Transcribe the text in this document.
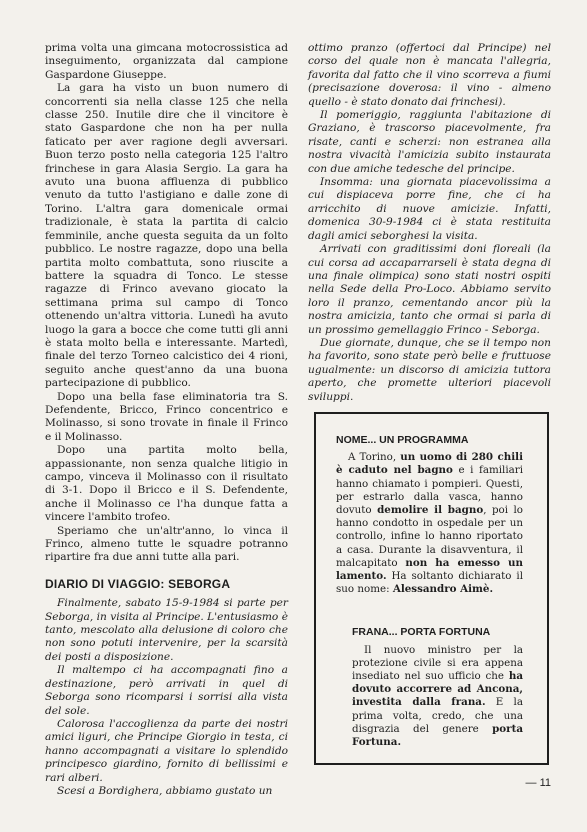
prima volta una gimcana motocrossistica ad inseguimento, organizzata dal campione Gaspardone Giuseppe.

La gara ha visto un buon numero di concorrenti sia nella classe 125 che nella classe 250. Inutile dire che il vincitore è stato Gaspardone che non ha per nulla faticato per aver ragione degli avversari. Buon terzo posto nella categoria 125 l'altro frinchese in gara Alasia Sergio. La gara ha avuto una buona affluenza di pubblico venuto da tutto l'astigiano e dalle zone di Torino. L'altra gara domenicale ormai tradizionale, è stata la partita di calcio femminile, anche questa seguita da un folto pubblico. Le nostre ragazze, dopo una bella partita molto combattuta, sono riuscite a battere la squadra di Tonco. Le stesse ragazze di Frinco avevano giocato la settimana prima sul campo di Tonco ottenendo un'altra vittoria. Lunedì ha avuto luogo la gara a bocce che come tutti gli anni è stata molto bella e interessante. Martedì, finale del terzo Torneo calcistico dei 4 rioni, seguito anche quest'anno da una buona partecipazione di pubblico.

Dopo una bella fase eliminatoria tra S. Defendente, Bricco, Frinco concentrico e Molinasso, si sono trovate in finale il Frinco e il Molinasso.

Dopo una partita molto bella, appassionante, non senza qualche litigio in campo, vinceva il Molinasso con il risultato di 3-1. Dopo il Bricco e il S. Defendente, anche il Molinasso ce l'ha dunque fatta a vincere l'ambito trofeo.

Speriamo che un'altr'anno, lo vinca il Frinco, almeno tutte le squadre potranno ripartire fra due anni tutte alla pari.

DIARIO DI VIAGGIO: SEBORGA

Finalmente, sabato 15-9-1984 si parte per Seborga, in visita al Principe. L'entusiasmo è tanto, mescolato alla delusione di coloro che non sono potuti intervenire, per la scarsità dei posti a disposizione.

Il maltempo ci ha accompagnati fino a destinazione, però arrivati in quel di Seborga sono ricomparsi i sorrisi alla vista del sole.

Calorosa l'accoglienza da parte dei nostri amici liguri, che Principe Giorgio in testa, ci hanno accompagnati a visitare lo splendido principesco giardino, fornito di bellissimi e rari alberi.

Scesi a Bordighera, abbiamo gustato un

ottimo pranzo (offertoci dal Principe) nel corso del quale non è mancata l'allegria, favorita dal fatto che il vino scorreva a fiumi (precisazione doverosa: il vino - almeno quello - è stato donato dai frinchesi).

Il pomeriggio, raggiunta l'abitazione di Graziano, è trascorso piacevolmente, fra risate, canti e scherzi: non estranea alla nostra vivacità l'amicizia subito instaurata con due amiche tedesche del principe.

Insomma: una giornata piacevolissima a cui dispiaceva porre fine, che ci ha arricchito di nuove amicizie. Infatti, domenica 30-9-1984 ci è stata restituita dagli amici seborghesi la visita.

Arrivati con graditissimi doni floreali (la cui corsa ad accaparrarseli è stata degna di una finale olimpica) sono stati nostri ospiti nella Sede della Pro-Loco. Abbiamo servito loro il pranzo, cementando ancor più la nostra amicizia, tanto che ormai si parla di un prossimo gemellaggio Frinco - Seborga.

Due giornate, dunque, che se il tempo non ha favorito, sono state però belle e fruttuose ugualmente: un discorso di amicizia tuttora aperto, che promette ulteriori piacevoli sviluppi.

NOME... UN PROGRAMMA

A Torino, un uomo di 280 chili è caduto nel bagno e i familiari hanno chiamato i pompieri. Questi, per estrarlo dalla vasca, hanno dovuto demolire il bagno, poi lo hanno condotto in ospedale per un controllo, infine lo hanno riportato a casa. Durante la disavventura, il malcapitato non ha emesso un lamento. Ha soltanto dichiarato il suo nome: Alessandro Aimè.

FRANA... PORTA FORTUNA

Il nuovo ministro per la protezione civile si era appena insediato nel suo ufficio che ha dovuto accorrere ad Ancona, investita dalla frana. E la prima volta, credo, che una disgrazia del genere porta Fortuna.

— 11
